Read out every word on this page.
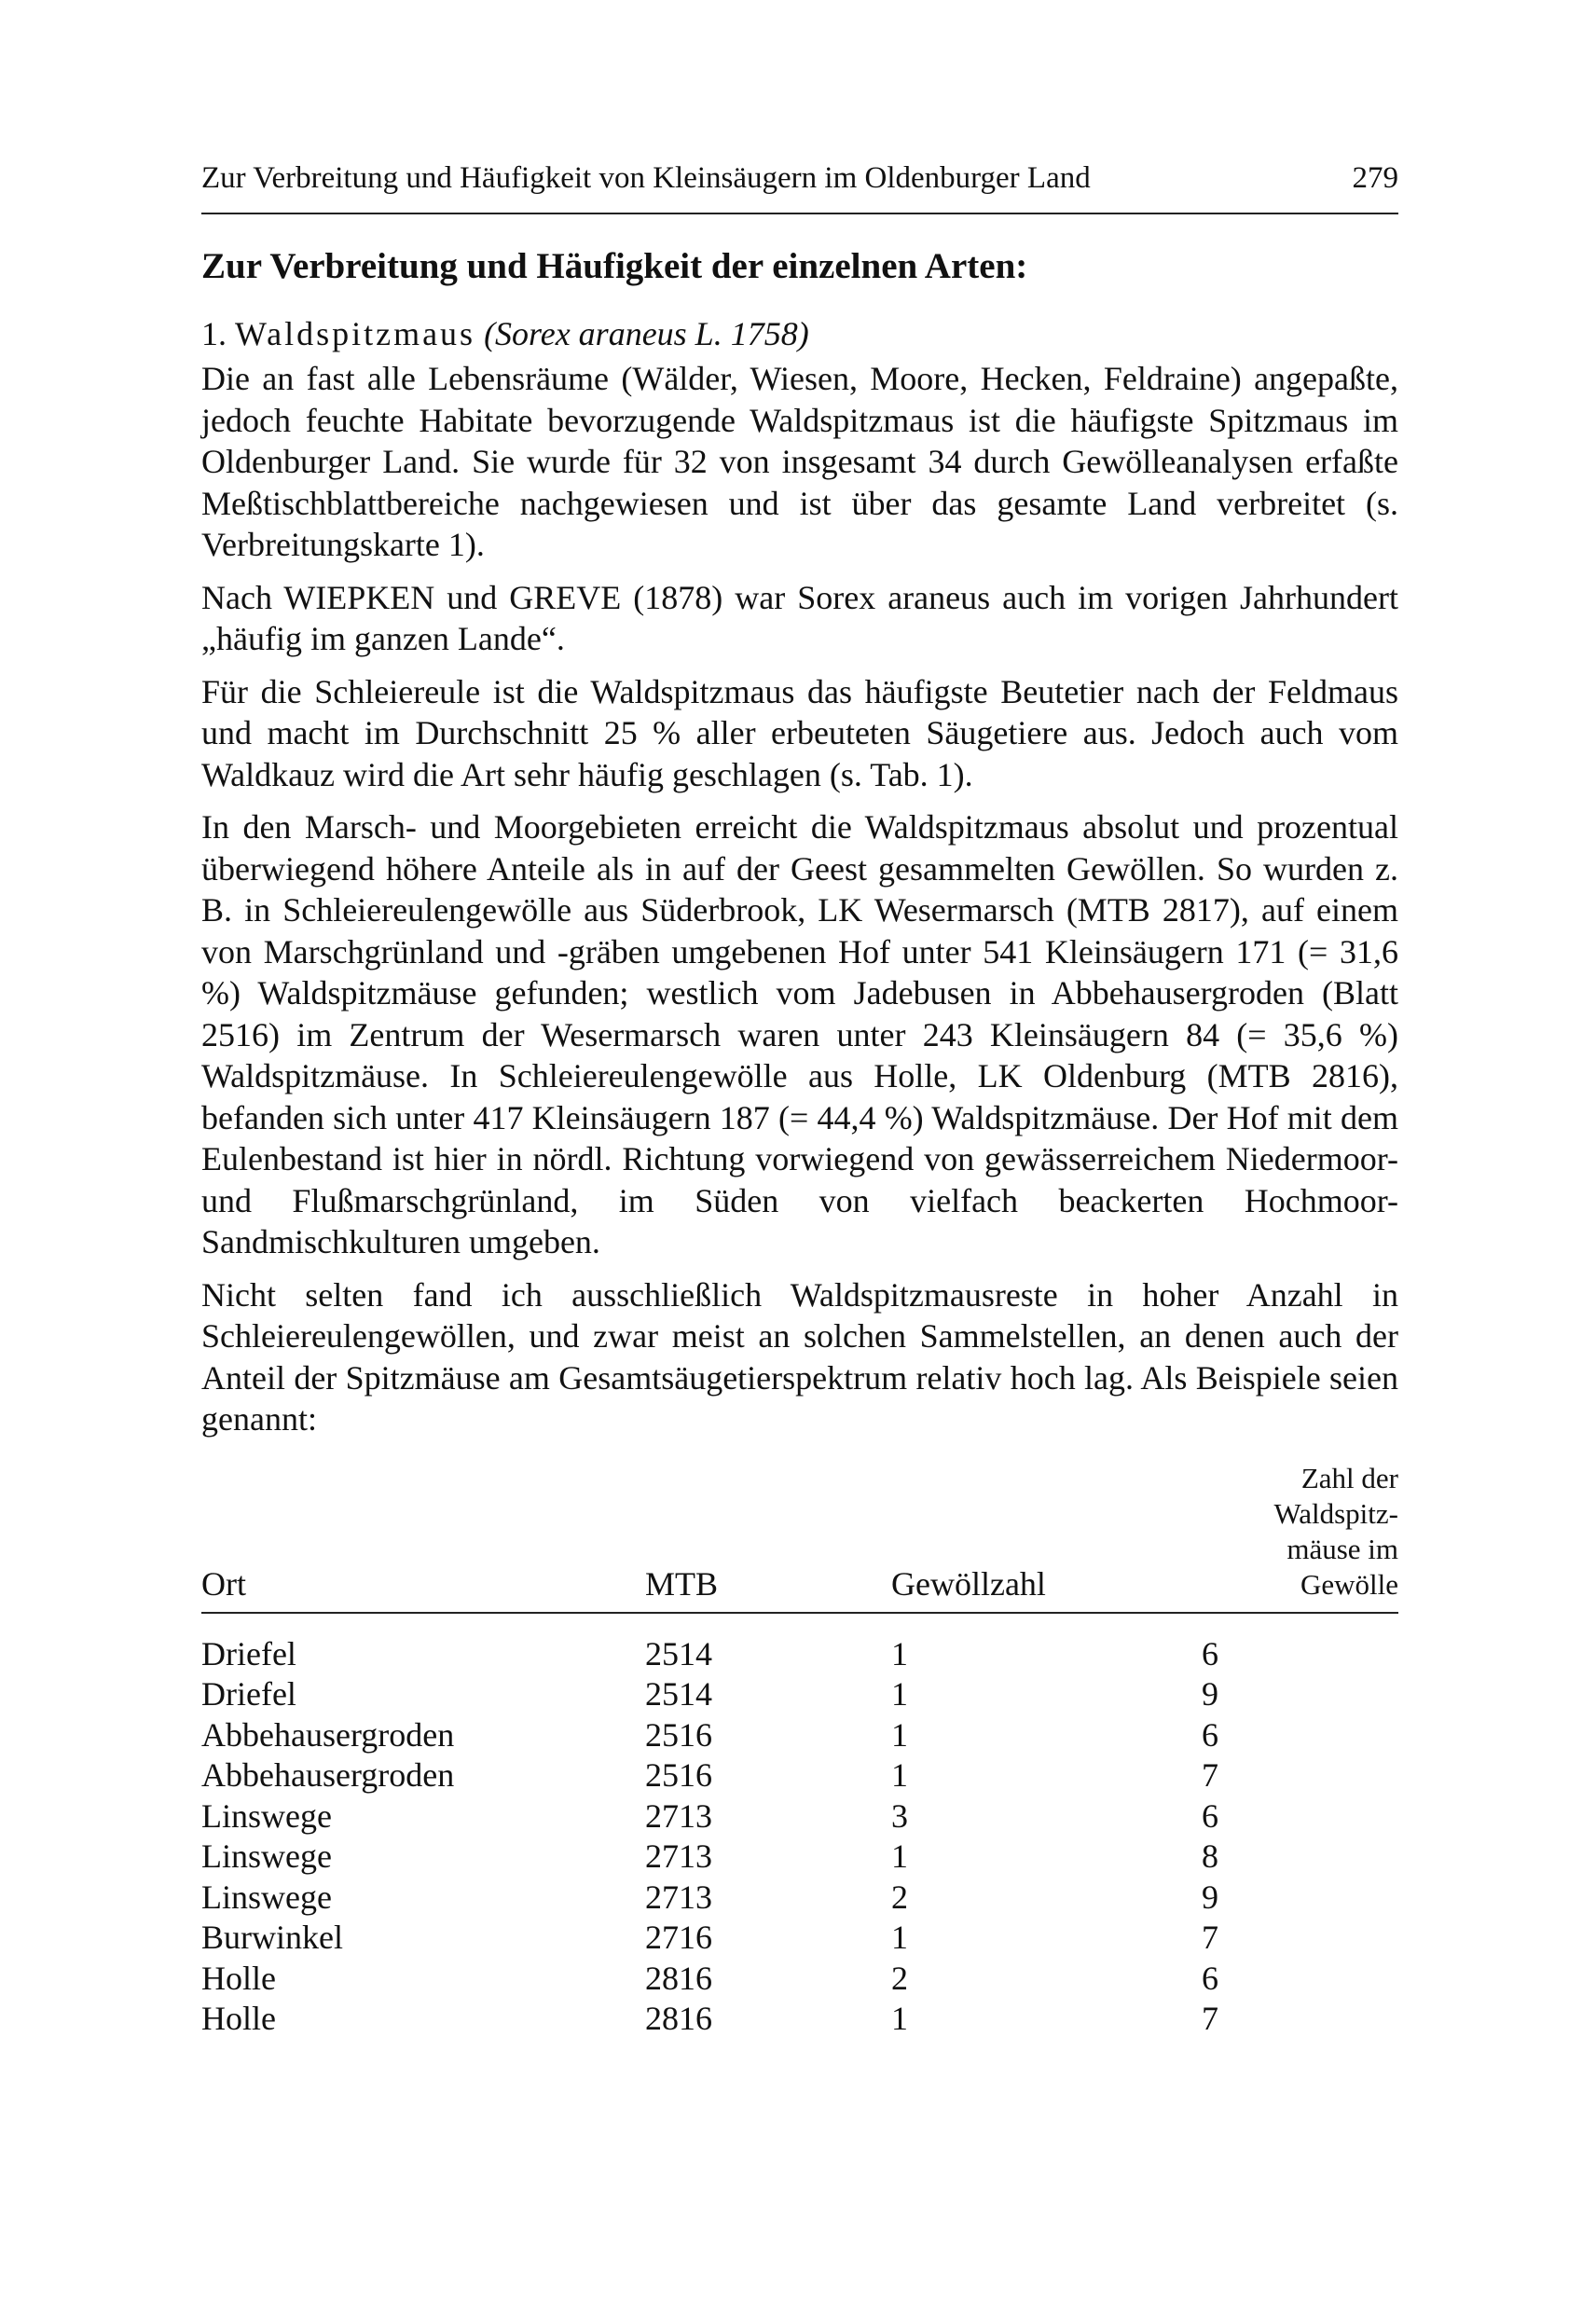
Zur Verbreitung und Häufigkeit von Kleinsäugern im Oldenburger Land	279
Zur Verbreitung und Häufigkeit der einzelnen Arten:
1. Waldspitzmaus (Sorex araneus L. 1758)

Die an fast alle Lebensräume (Wälder, Wiesen, Moore, Hecken, Feldraine) angepaßte, jedoch feuchte Habitate bevorzugende Waldspitzmaus ist die häufigste Spitzmaus im Oldenburger Land. Sie wurde für 32 von insgesamt 34 durch Gewölleanalysen erfaßte Meßtischblattbereiche nachgewiesen und ist über das gesamte Land verbreitet (s. Verbreitungskarte 1).

Nach WIEPKEN und GREVE (1878) war Sorex araneus auch im vorigen Jahrhundert „häufig im ganzen Lande“.

Für die Schleiereule ist die Waldspitzmaus das häufigste Beutetier nach der Feldmaus und macht im Durchschnitt 25 % aller erbeuteten Säugetiere aus. Jedoch auch vom Waldkauz wird die Art sehr häufig geschlagen (s. Tab. 1).

In den Marsch- und Moorgebieten erreicht die Waldspitzmaus absolut und prozentual überwiegend höhere Anteile als in auf der Geest gesammelten Gewöllen. So wurden z. B. in Schleiereulengewölle aus Süderbrook, LK Wesermarsch (MTB 2817), auf einem von Marschgrünland und -gräben umgebenen Hof unter 541 Kleinsäugern 171 (= 31,6 %) Waldspitzmäuse gefunden; westlich vom Jadebusen in Abbehausergroden (Blatt 2516) im Zentrum der Wesermarsch waren unter 243 Kleinsäugern 84 (= 35,6 %) Waldspitzmäuse. In Schleiereulengewölle aus Holle, LK Oldenburg (MTB 2816), befanden sich unter 417 Kleinsäugern 187 (= 44,4 %) Waldspitzmäuse. Der Hof mit dem Eulenbestand ist hier in nördl. Richtung vorwiegend von gewässerreichem Niedermoor- und Flußmarschgrünland, im Süden von vielfach beackerten Hochmoor-Sandmischkulturen umgeben.

Nicht selten fand ich ausschließlich Waldspitzmausreste in hoher Anzahl in Schleiereulengewöllen, und zwar meist an solchen Sammelstellen, an denen auch der Anteil der Spitzmäuse am Gesamtsäugetierspektrum relativ hoch lag. Als Beispiele seien genannt:

Ort	MTB	Gewöllzahl
Zahl der Waldspitz-
mäuse im Gewölle
Driefel	2514	1	6
Driefel	2514	1	9
Abbehausergroden	2516	1	6
Abbehausergroden	2516	1	7
Linswege	2713	3	6
Linswege	2713	1	8
Linswege	2713	2	9
Burwinkel	2716	1	7
Holle	2816	2	6
Holle	2816	1	7
